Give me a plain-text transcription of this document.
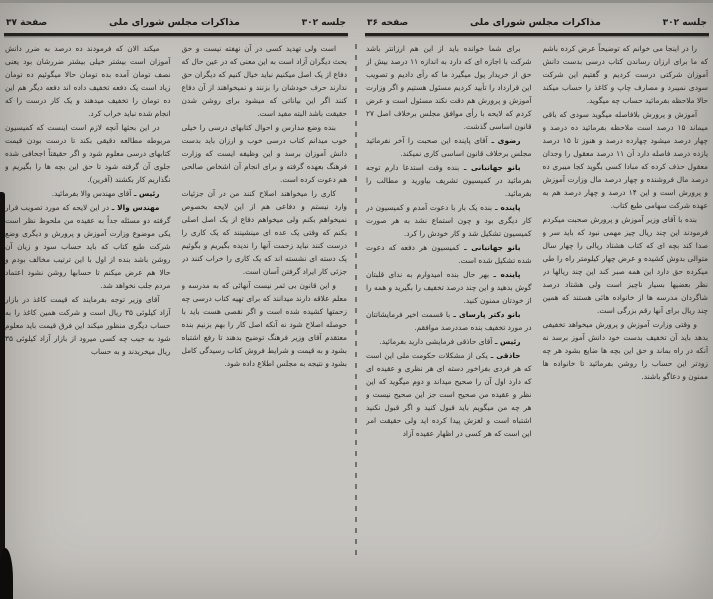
جلسه ۳۰۲
مذاکرات مجلس شورای ملی
صفحة ۳۷

است ولی تهدید کسی در آن نهفته نیست و حق بحث دیگران آزاد است به این معنی که در عین حال که دفاع از یک اصل میکنیم نباید خیال کنیم که دیگران حق ندارند حرف خودشان را بزنند و نمیخواهند از آن دفاع کنند اگر این بیاناتی که میشود برای روشن شدن حقیقت باشد البته مفید است.

بنده وضع مدارس و احوال کتابهای درسی را خیلی خوب میدانم کتاب درسی خوب و ارزان باید بدست دانش آموزان برسد و این وظیفه ایست که وزارت فرهنگ بعهده گرفته و برای انجام آن اشخاص صالحی هم دعوت کرده است.

کاری را میخواهند اصلاح کنند من در آن جزئیات وارد نیستم و دفاعی هم از این لایحه بخصوص نمیخواهم بکنم ولی میخواهم دفاع از یک اصل اصلی بکنم که وقتی یک عده ای مینشینند که یک کاری را درست کنند نباید زحمت آنها را ندیده بگیریم و بگوئیم یک دسته ای نشسته اند که یک کاری را خراب کنند در جزئی کار ایراد گرفتن آسان است.

و این قانون بی ثمر نیست آنهائی که به مدرسه و معلم علاقه دارند میدانند که برای تهیه کتاب درسی چه زحمتها کشیده شده است و اگر نقصی هست باید با حوصله اصلاح شود نه آنکه اصل کار را بهم بزنیم بنده معتقدم آقای وزیر فرهنگ توضیح بدهند تا رفع اشتباه بشود و به قیمت و شرایط فروش کتاب رسیدگی کامل بشود و نتیجه به مجلس اطلاع داده شود.

میکند الان که فرمودند ده درصد به ضرر دانش آموزان است بیشتر خیلی بیشتر ضررشان بود یعنی نصف تومان آمده بده تومان حالا میگوئیم ده تومان زیاد است یک دفعه تخفیف داده اند دفعه دیگر هم این ده تومان را تخفیف میدهند و یک کار درست را که انجام شده نباید خراب کرد.

در این بحثها آنچه لازم است اینست که کمیسیون مربوطه مطالعه دقیقی بکند تا درست بودن قیمت کتابهای درسی معلوم شود و اگر حقیقتاً اجحافی شده جلوی آن گرفته شود تا حق این بچه ها را بگیریم و نگذاریم کار بکشند (آفرین).

رئیس ـ آقای مهندس والا بفرمائید.

مهندس والا ـ در این لایحه که مورد تصویب قرار گرفته دو مسئله جداً به عقیده من ملحوظ نظر است یکی موضوع وزارت آموزش و پرورش و دیگری وضع شرکت طبع کتاب که باید حساب سود و زیان آن روشن باشد بنده از اول با این ترتیب مخالف بودم و حالا هم عرض میکنم تا حسابها روشن نشود اعتماد مردم جلب نخواهد شد.

آقای وزیر توجه بفرمایند که قیمت کاغذ در بازار آزاد کیلوئی ۳۵ ریال است و شرکت همین کاغذ را به حساب دیگری منظور میکند این فرق قیمت باید معلوم شود به جیب چه کسی میرود از بازار آزاد کیلوئی ۳۵ ریال میخریدند و به حساب

جلسه ۳۰۲
مذاکرات مجلس شورای ملی
صفحه ۳۶

را در اینجا می خوانم که توضیحاً عرض کرده باشم که ما برای ارزان رساندن کتاب درسی بدست دانش آموزان شرکتی درست کردیم و گفتیم این شرکت سودی نمیبرد و مصارف چاپ و کاغذ را حساب میکند حالا ملاحظه بفرمائید حساب چه میگوید.

آموزش و پرورش بلافاصله میگوید سودی که باقی میماند ۱۵ درصد است ملاحظه بفرمائید ده درصد و چهار درصد میشود چهارده درصد و هنوز تا ۱۵ درصد یازده درصد فاصله دارد آن ۱۱ درصد معقول را وجدان معقول حذف کرده که مبادا کسی بگوید کجا میبری ده درصد مال فروشنده و چهار درصد مال وزارت آموزش و پرورش است و این ۱۴ درصد و چهار درصد هم به عهده شرکت سهامی طبع کتاب.

بنده با آقای وزیر آموزش و پرورش صحبت میکردم فرمودند این چند ریال چیز مهمی نبود که باید سر و صدا کند بچه ای که کتاب هشتاد ریالی را چهار سال متوالی بدوش کشیده و عرض چهار کیلومتر راه را طی میکرده حق دارد این همه صبر کند این چند ریالها در نظر بعضیها بسیار ناچیز است ولی هشتاد درصد شاگردان مدرسه ها از خانواده هائی هستند که همین چند ریال برای آنها رقم بزرگی است.

و وقتی وزارت آموزش و پرورش میخواهد تخفیفی بدهد باید آن تخفیف بدست خود دانش آموز برسد نه آنکه در راه بماند و حق این بچه ها ضایع بشود هر چه زودتر این حساب را روشن بفرمائید تا خانواده ها ممنون و دعاگو باشند.

برای شما خوانده باید از این هم ارزانتر باشد شرکت با اجازه ای که دارد به اندازه ۱۱ درصد بیش از حق از خریدار پول میگیرد ما که رأی دادیم و تصویب این قرارداد را تأیید کردیم مسئول هستیم و اگر وزارت آموزش و پرورش هم دقت نکند مسئول است و عرض کردم که لایحه با رأی موافق مجلس برخلاف اصل ۲۷ قانون اساسی گذشت.

رضوی ـ آقای پاینده این صحبت را آخر نفرمائید مجلس برخلاف قانون اساسی کاری نمیکند.

بانو جهانبانی ـ بنده وقت استدعا دارم توجه بفرمائید در کمیسیون تشریف بیاورید و مطالب را بفرمائید.

پاینده ـ بنده یک بار با دعوت آمدم و کمیسیون در کار دیگری بود و چون استماع نشد به هر صورت کمیسیون تشکیل شد و کار خودش را کرد.

بانو جهانبانی ـ کمیسیون هر دفعه که دعوت شده تشکیل شده است.

پاینده ـ بهر حال بنده امیدوارم به ندای قلبتان گوش بدهید و این چند درصد تخفیف را بگیرید و همه را از خودتان ممنون کنید.

بانو دکتر پارسای ـ با قسمت اخیر فرمایشاتتان در مورد تخفیف بنده صددرصد موافقم.

رئیس ـ آقای حاذقی فرمایشی دارید بفرمائید.

حاذقی ـ یکی از مشکلات حکومت ملی این است که هر فردی بفراخور دسته ای هر نظری و عقیده ای که دارد اول آن را صحیح میداند و دوم میگوید که این نظر و عقیده من صحیح است جز این صحیح نیست و هر چه من میگویم باید قبول کنید و اگر قبول نکنید اشتباه است و لغزش پیدا کرده اید ولی حقیقت امر این است که هر کسی در اظهار عقیده آزاد
